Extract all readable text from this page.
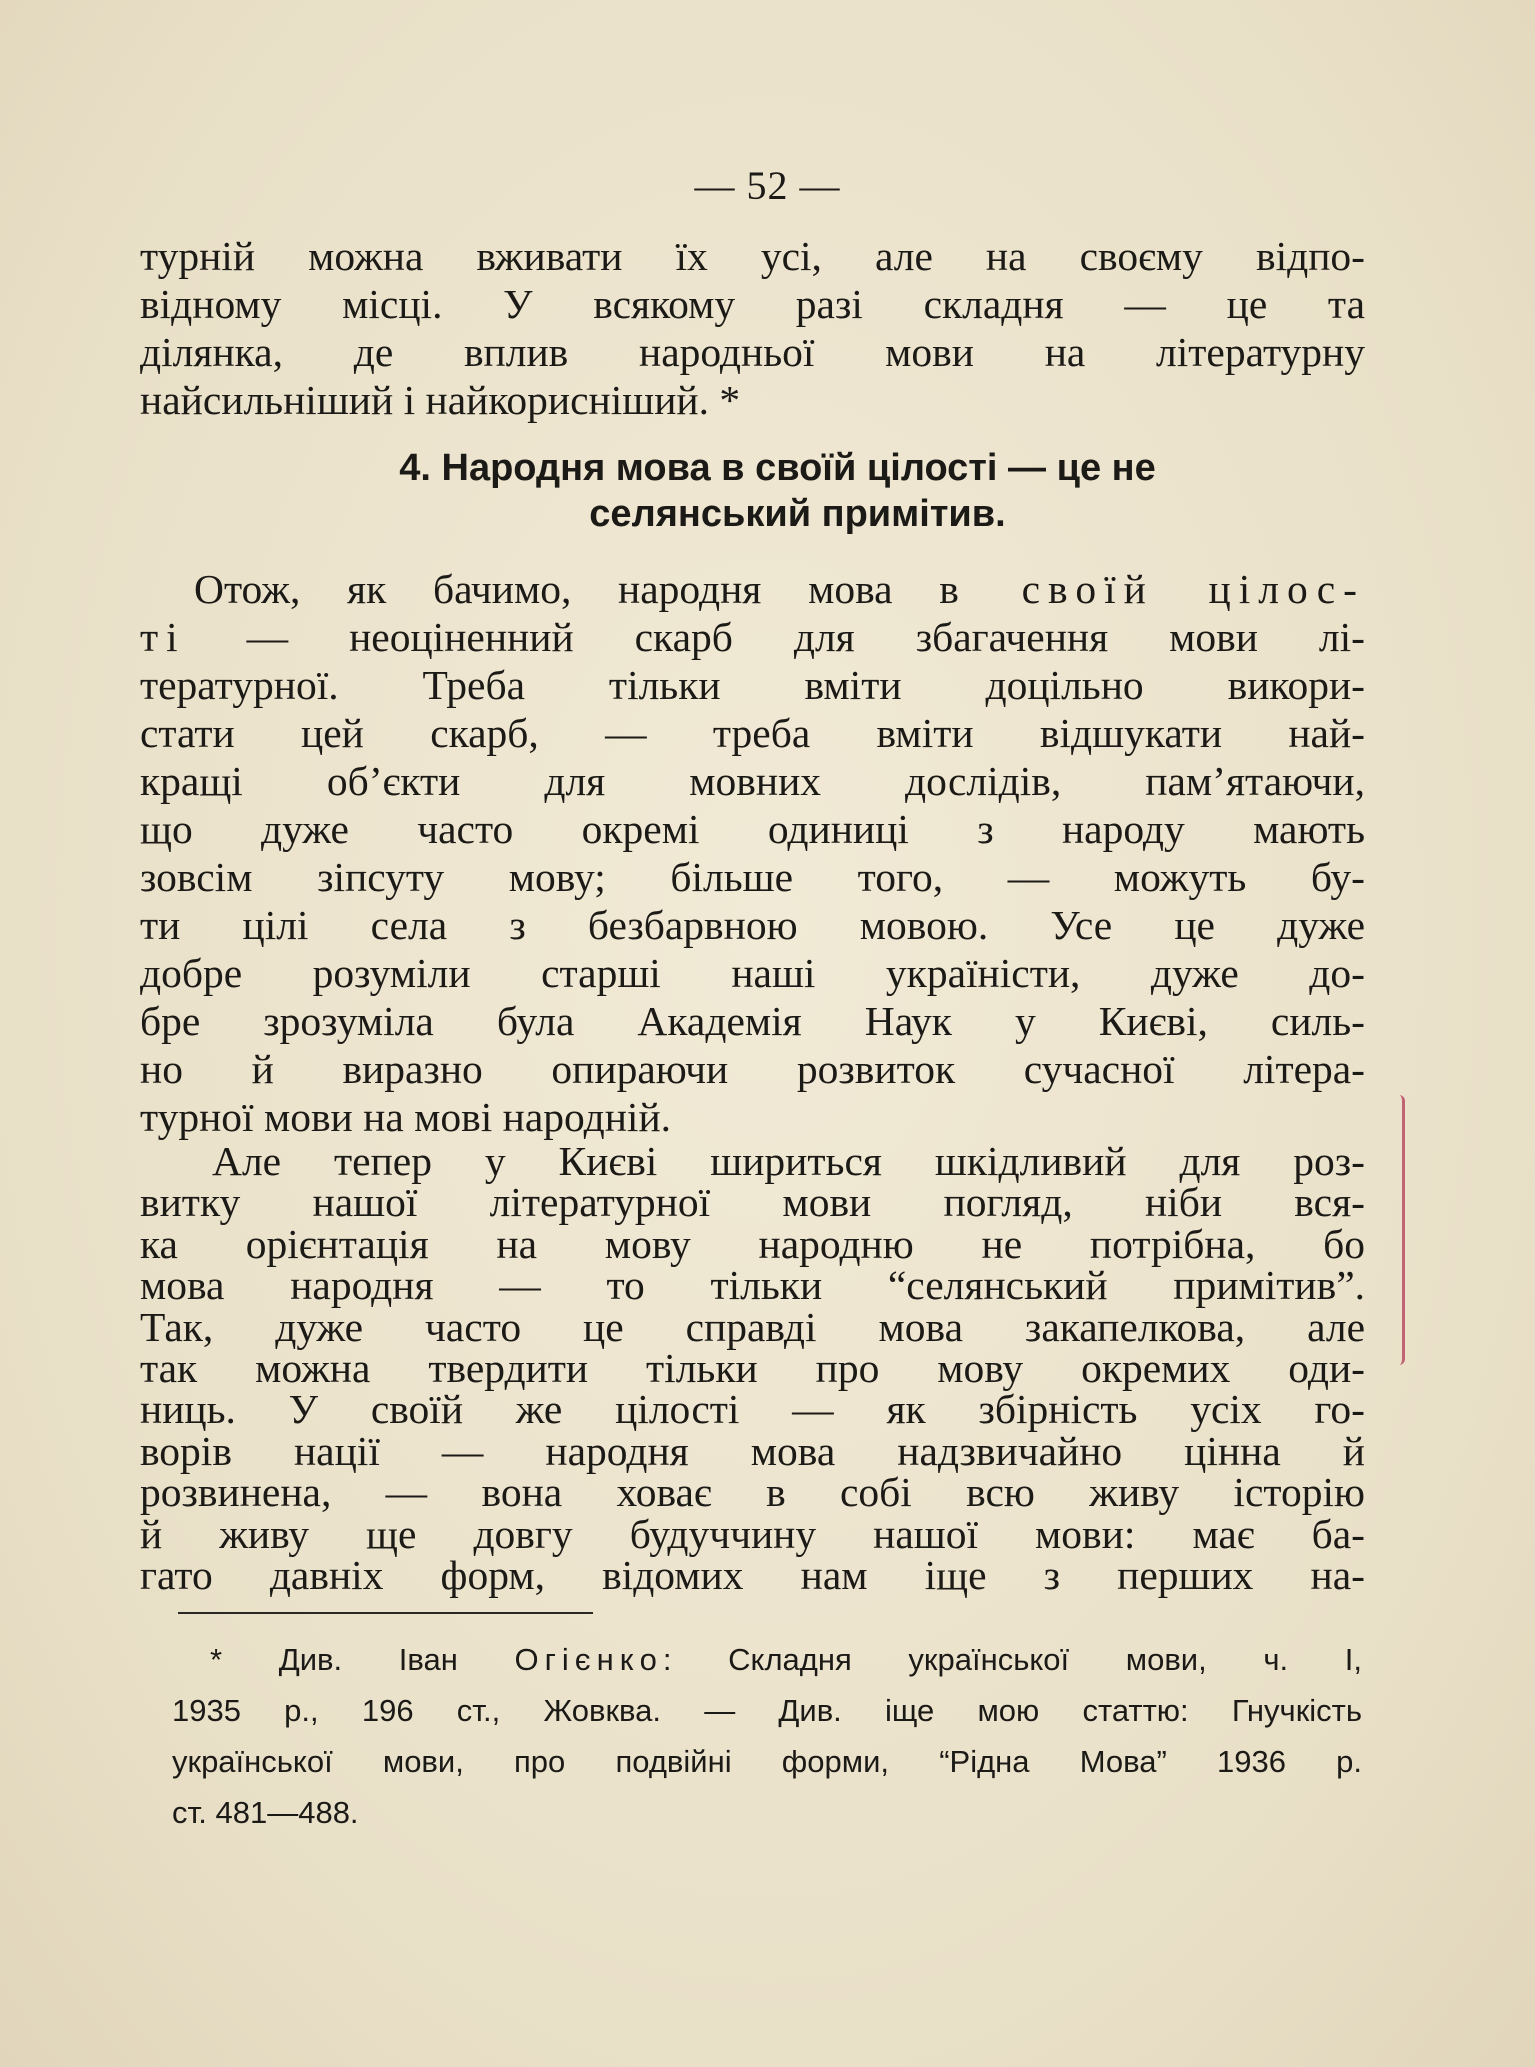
— 52 —
турній можна вживати їх усі, але на своєму відпо-
відному місці. У всякому разі складня — це та
ділянка, де вплив народньої мови на літературну
найсильніший і найкорисніший. *
4. Народня мова в своїй цілості — це не
селянський примітив.
Отож, як бачимо, народня мова в своїй цілос-
ті — неоціненний скарб для збагачення мови лі-
тературної. Треба тільки вміти доцільно викори-
стати цей скарб, — треба вміти відшукати най-
кращі об’єкти для мовних дослідів, пам’ятаючи,
що дуже часто окремі одиниці з народу мають
зовсім зіпсуту мову; більше того, — можуть бу-
ти цілі села з безбарвною мовою. Усе це дуже
добре розуміли старші наші україністи, дуже до-
бре зрозуміла була Академія Наук у Києві, силь-
но й виразно опираючи розвиток сучасної літера-
турної мови на мові народній.
Але тепер у Києві шириться шкідливий для роз-
витку нашої літературної мови погляд, ніби вся-
ка орієнтація на мову народню не потрібна, бо
мова народня — то тільки “селянський примітив”.
Так, дуже часто це справді мова закапелкова, але
так можна твердити тільки про мову окремих оди-
ниць. У своїй же цілості — як збірність усіх го-
ворів нації — народня мова надзвичайно цінна й
розвинена, — вона ховає в собі всю живу історію
й живу ще довгу будуччину нашої мови: має ба-
гато давніх форм, відомих нам іще з перших на-
* Див. Іван Огієнко: Складня української мови, ч. I,
1935 р., 196 ст., Жовква. — Див. іще мою статтю: Гнучкість
української мови, про подвійні форми, “Рідна Мова” 1936 р.
ст. 481—488.
